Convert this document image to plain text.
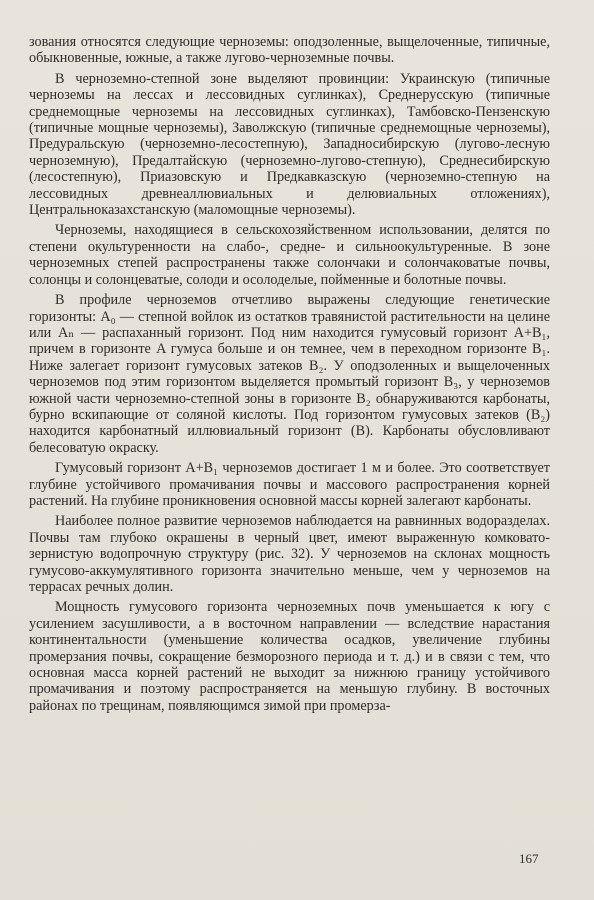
зования относятся следующие черноземы: оподзоленные, выщелоченные, типичные, обыкновенные, южные, а также лугово-черноземные почвы.

В черноземно-степной зоне выделяют провинции: Украинскую (типичные черноземы на лессах и лессовидных суглинках), Среднерусскую (типичные среднемощные черноземы на лессовидных суглинках), Тамбовско-Пензенскую (типичные мощные черноземы), Заволжскую (типичные среднемощные черноземы), Предуральскую (черноземно-лесостепную), Западносибирскую (лугово-лесную черноземную), Предалтайскую (черноземно-лугово-степную), Среднесибирскую (лесостепную), Приазовскую и Предкавказскую (черноземно-степную на лессовидных древнеаллювиальных и делювиальных отложениях), Центральноказахстанскую (маломощные черноземы).

Черноземы, находящиеся в сельскохозяйственном использовании, делятся по степени окультуренности на слабо-, средне- и сильноокультуренные. В зоне черноземных степей распространены также солончаки и солончаковатые почвы, солонцы и солонцеватые, солоди и осолоделые, пойменные и болотные почвы.

В профиле черноземов отчетливо выражены следующие генетические горизонты: A₀ — степной войлок из остатков травянистой растительности на целине или Aₙ — распаханный горизонт. Под ним находится гумусовый горизонт A+B₁, причем в горизонте A гумуса больше и он темнее, чем в переходном горизонте B₁. Ниже залегает горизонт гумусовых затеков B₂. У оподзоленных и выщелоченных черноземов под этим горизонтом выделяется промытый горизонт B₃, у черноземов южной части черноземно-степной зоны в горизонте B₂ обнаруживаются карбонаты, бурно вскипающие от соляной кислоты. Под горизонтом гумусовых затеков (B₂) находится карбонатный иллювиальный горизонт (B). Карбонаты обусловливают белесоватую окраску.

Гумусовый горизонт A+B₁ черноземов достигает 1 м и более. Это соответствует глубине устойчивого промачивания почвы и массового распространения корней растений. На глубине проникновения основной массы корней залегают карбонаты.

Наиболее полное развитие черноземов наблюдается на равнинных водоразделах. Почвы там глубоко окрашены в черный цвет, имеют выраженную комковато-зернистую водопрочную структуру (рис. 32). У черноземов на склонах мощность гумусово-аккумулятивного горизонта значительно меньше, чем у черноземов на террасах речных долин.

Мощность гумусового горизонта черноземных почв уменьшается к югу с усилением засушливости, а в восточном направлении — вследствие нарастания континентальности (уменьшение количества осадков, увеличение глубины промерзания почвы, сокращение безморозного периода и т. д.) и в связи с тем, что основная масса корней растений не выходит за нижнюю границу устойчивого промачивания и поэтому распространяется на меньшую глубину. В восточных районах по трещинам, появляющимся зимой при промерза-

167
